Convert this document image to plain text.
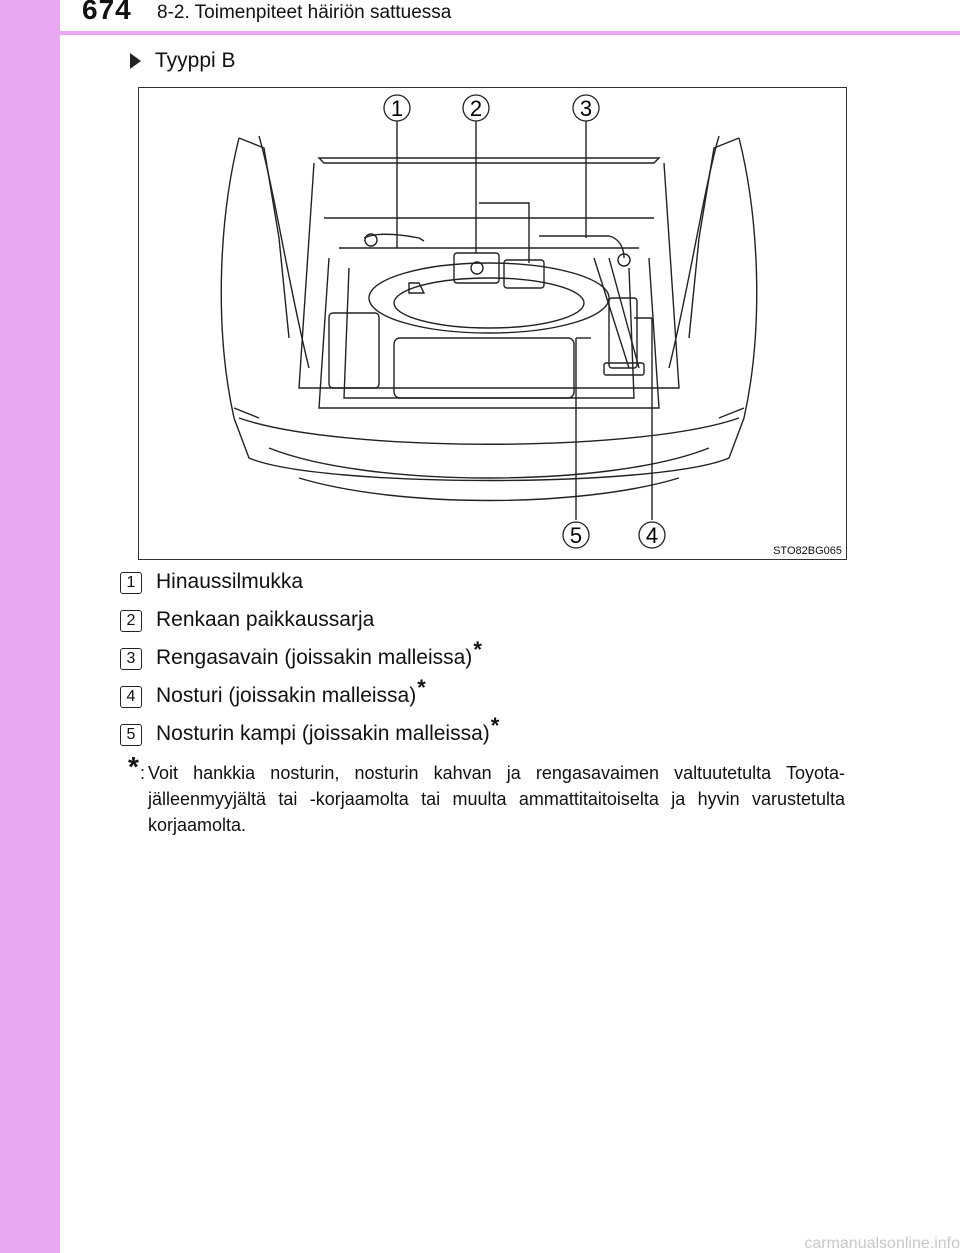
674 8-2. Toimenpiteet häiriön sattuessa
Tyyppi B
1	2	3
4
5
STO82BG065
1 Hinaussilmukka
2 Renkaan paikkaussarja
3 Rengasavain (joissakin malleissa) *
4 Nosturi (joissakin malleissa) *
5 Nosturin kampi (joissakin malleissa) *
* : Voit hankkia nosturin, nosturin kahvan ja rengasavaimen valtuutetulta Toyota-jälleenmyyjältä tai -korjaamolta tai muulta ammattitaitoiselta ja hyvin varustetulta korjaamolta.
carmanualsonline.info
